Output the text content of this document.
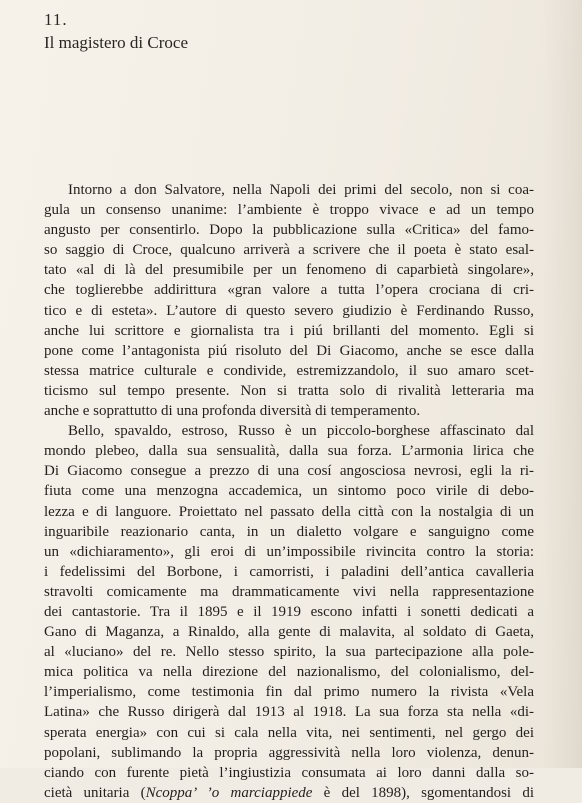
11.
Il magistero di Croce
Intorno a don Salvatore, nella Napoli dei primi del secolo, non si coa-
gula un consenso unanime: l’ambiente è troppo vivace e ad un tempo
angusto per consentirlo. Dopo la pubblicazione sulla «Critica» del famo-
so saggio di Croce, qualcuno arriverà a scrivere che il poeta è stato esal-
tato «al di là del presumibile per un fenomeno di caparbietà singolare»,
che toglierebbe addirittura «gran valore a tutta l’opera crociana di cri-
tico e di esteta». L’autore di questo severo giudizio è Ferdinando Russo,
anche lui scrittore e giornalista tra i piú brillanti del momento. Egli si
pone come l’antagonista piú risoluto del Di Giacomo, anche se esce dalla
stessa matrice culturale e condivide, estremizzandolo, il suo amaro scet-
ticismo sul tempo presente. Non si tratta solo di rivalità letteraria ma
anche e soprattutto di una profonda diversità di temperamento.
Bello, spavaldo, estroso, Russo è un piccolo-borghese affascinato dal
mondo plebeo, dalla sua sensualità, dalla sua forza. L’armonia lirica che
Di Giacomo consegue a prezzo di una cosí angosciosa nevrosi, egli la ri-
fiuta come una menzogna accademica, un sintomo poco virile di debo-
lezza e di languore. Proiettato nel passato della città con la nostalgia di un
inguaribile reazionario canta, in un dialetto volgare e sanguigno come
un «dichiaramento», gli eroi di un’impossibile rivincita contro la storia:
i fedelissimi del Borbone, i camorristi, i paladini dell’antica cavalleria
stravolti comicamente ma drammaticamente vivi nella rappresentazione
dei cantastorie. Tra il 1895 e il 1919 escono infatti i sonetti dedicati a
Gano di Maganza, a Rinaldo, alla gente di malavita, al soldato di Gaeta,
al «luciano» del re. Nello stesso spirito, la sua partecipazione alla pole-
mica politica va nella direzione del nazionalismo, del colonialismo, del-
l’imperialismo, come testimonia fin dal primo numero la rivista «Vela
Latina» che Russo dirigerà dal 1913 al 1918. La sua forza sta nella «di-
sperata energia» con cui si cala nella vita, nei sentimenti, nel gergo dei
popolani, sublimando la propria aggressività nella loro violenza, denun-
ciando con furente pietà l’ingiustizia consumata ai loro danni dalla so-
cietà unitaria (Ncoppa’ ’o marciappiede è del 1898), sgomentandosi di
